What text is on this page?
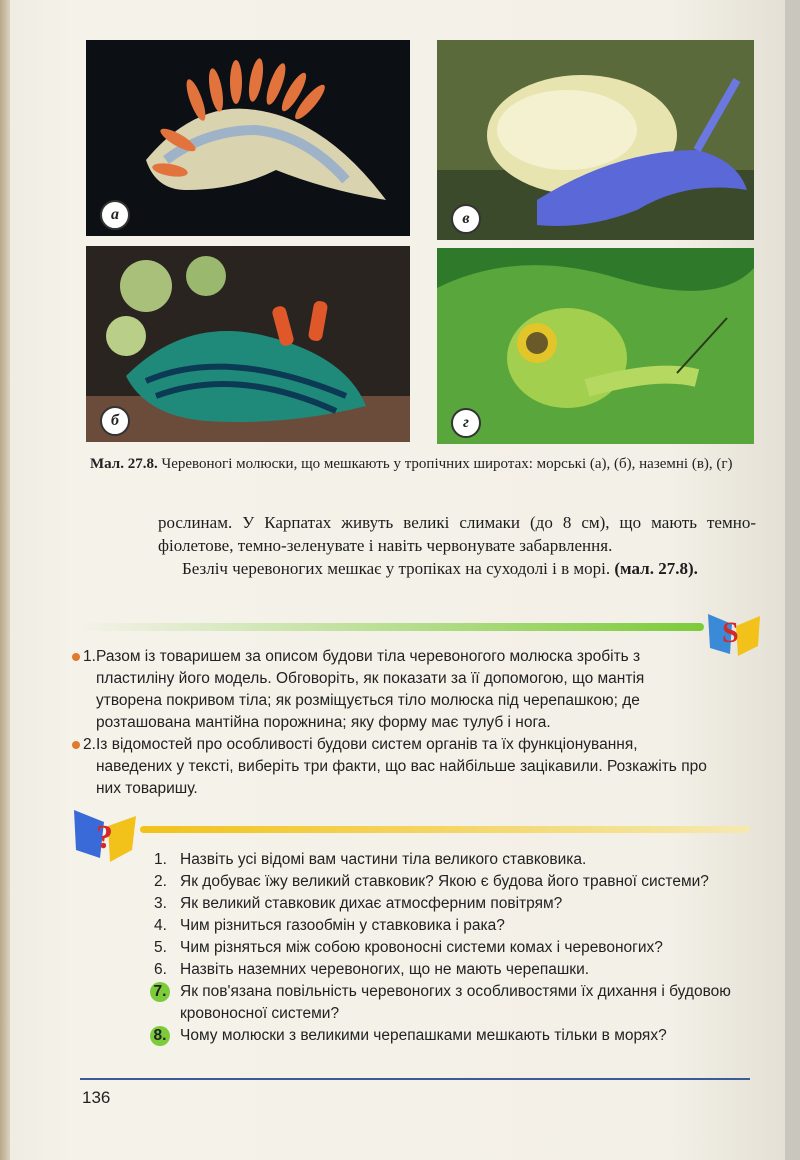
а	в
б	г
Мал. 27.8. Черевоногі молюски, що мешкають у тропічних широтах: морські (а), (б), наземні (в), (г)

рослинам. У Карпатах живуть великі слимаки (до 8 см), що мають темно-фіолетове, темно-зеленувате і навіть червонувате забарвлення.

Безліч черевоногих мешкає у тропіках на суходолі і в морі. (мал. 27.8).

S
1. Разом із товаришем за описом будови тіла черевоногого молюска зробіть з пластиліну його модель. Обговоріть, як показати за її допомогою, що мантія утворена покривом тіла; як розміщується тіло молюска під черепашкою; де розташована мантійна порожнина; яку форму має тулуб і нога.
2. Із відомостей про особливості будови систем органів та їх функціонування, наведених у тексті, виберіть три факти, що вас найбільше зацікавили. Розкажіть про них товаришу.
?
1. Назвіть усі відомі вам частини тіла великого ставковика.
2. Як добуває їжу великий ставковик? Якою є будова його травної системи?
3. Як великий ставковик дихає атмосферним повітрям?
4. Чим різниться газообмін у ставковика і рака?
5. Чим різняться між собою кровоносні системи комах і черевоногих?
6. Назвіть наземних черевоногих, що не мають черепашки.
7. Як пов'язана повільність черевоногих з особливостями їх дихання і будовою кровоносної системи?
8. Чому молюски з великими черепашками мешкають тільки в морях?
136
